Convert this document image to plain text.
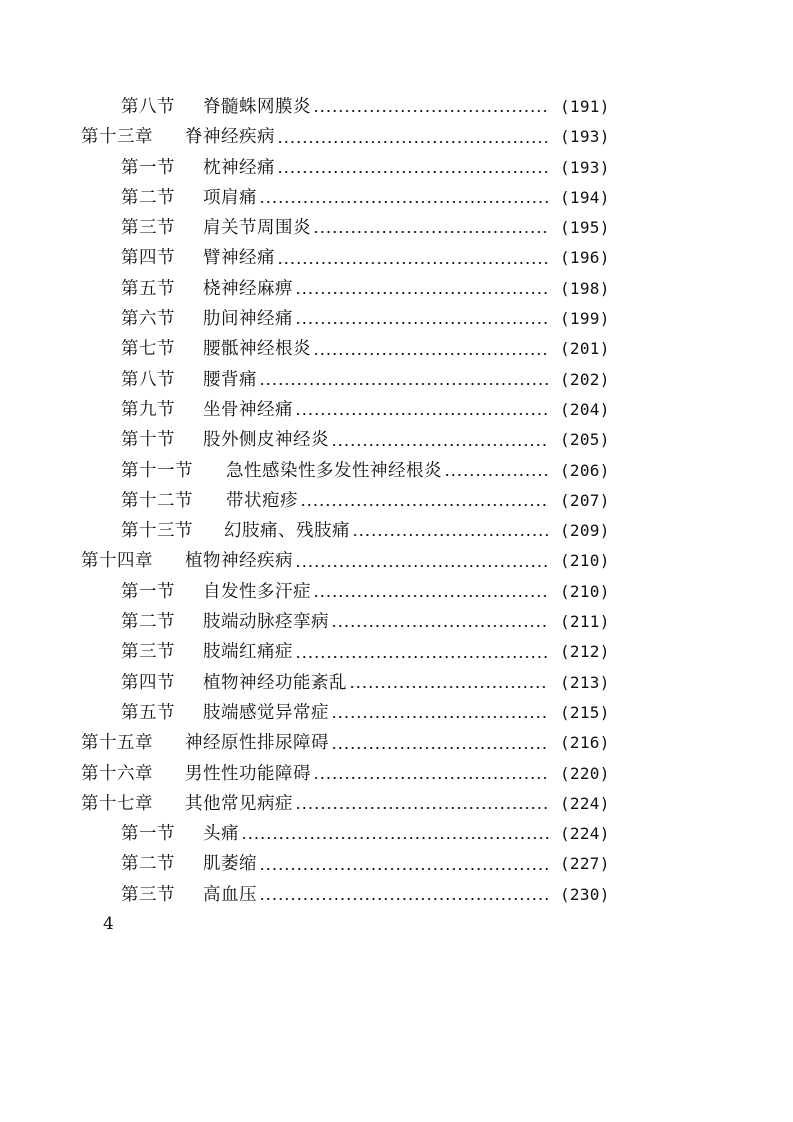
第八节 脊髓蛛网膜炎	(191)
第十三章 脊神经疾病	(193)
第一节 枕神经痛	(193)
第二节 项肩痛	(194)
第三节 肩关节周围炎	(195)
第四节 臂神经痛	(196)
第五节 桡神经麻痹	(198)
第六节 肋间神经痛	(199)
第七节 腰骶神经根炎	(201)
第八节 腰背痛	(202)
第九节 坐骨神经痛	(204)
第十节 股外侧皮神经炎	(205)
第十一节 急性感染性多发性神经根炎	(206)
第十二节 带状疱疹	(207)
第十三节 幻肢痛、残肢痛	(209)
第十四章 植物神经疾病	(210)
第一节 自发性多汗症	(210)
第二节 肢端动脉痉挛病	(211)
第三节 肢端红痛症	(212)
第四节 植物神经功能紊乱	(213)
第五节 肢端感觉异常症	(215)
第十五章 神经原性排尿障碍	(216)
第十六章 男性性功能障碍	(220)
第十七章 其他常见病症	(224)
第一节 头痛	(224)
第二节 肌萎缩	(227)
第三节 高血压	(230)
4
